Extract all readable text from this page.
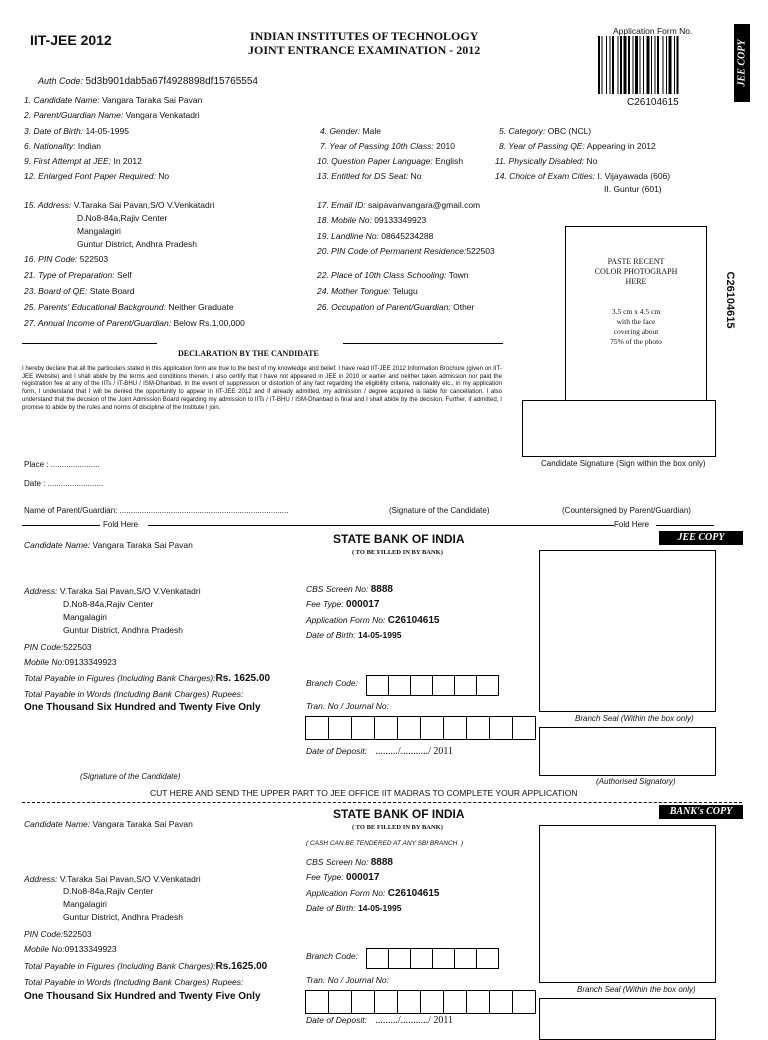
IIT-JEE 2012	INDIAN INSTITUTES OF TECHNOLOGY
JOINT ENTRANCE EXAMINATION - 2012
Application Form No.
C26104615
JEE COPY
Auth Code: 5d3b901dab5a67f4928898df15765554
1. Candidate Name: Vangara Taraka Sai Pavan
2. Parent/Guardian Name: Vangara Venkatadri
3. Date of Birth: 14-05-1995	4. Gender: Male	5. Category: OBC (NCL)
6. Nationality: Indian	7. Year of Passing 10th Class: 2010	8. Year of Passing QE: Appearing in 2012
9. First Attempt at JEE: In 2012	10. Question Paper Language: English	11. Physically Disabled: No
12. Enlarged Font Paper Required: No	13. Entitled for DS Seat: No	14. Choice of Exam Cities: I. Vijayawada (606)
II. Guntur (601)
15. Address: V.Taraka Sai Pavan,S/O V.Venkatadri
D.No8-84a,Rajiv Center
Mangalagiri
Guntur District, Andhra Pradesh
17. Email ID: saipavanvangara@gmail.com
18. Mobile No: 09133349923
19. Landline No: 08645234288
20. PIN Code of Permanent Residence:522503
16. PIN Code: 522503
21. Type of Preparation: Self	22. Place of 10th Class Schooling: Town
23. Board of QE: State Board	24. Mother Tongue: Telugu
25. Parents' Educational Background: Neither Graduate	26. Occupation of Parent/Guardian: Other
27. Annual Income of Parent/Guardian: Below Rs.1,00,000
PASTE RECENT
COLOR PHOTOGRAPH
HERE
3.5 cm x 4.5 cm
with the face
covering about
75% of the photo
C26104615
DECLARATION BY THE CANDIDATE
I hereby declare that all the particulars stated in this application form are true to the best of my knowledge and belief. I have read IIT-JEE 2012 Information Brochure (given on IIT-JEE Website) and I shall abide by the terms and conditions therein. I also certify that I have not appeared in JEE in 2010 or earlier and neither taken admission nor paid the registration fee at any of the IITs / IT-BHU / ISM-Dhanbad. In the event of suppression or distortion of any fact regarding the eligibility criteria, nationality etc., in my application form, I understand that I will be denied the opportunity to appear in IIT-JEE 2012 and if already admitted, my admission / degree acquired is liable for cancellation. I also understand that the decision of the Joint Admission Board regarding my admission to IITs / IT-BHU / ISM-Dhanbad is final and I shall abide by the decision. Further, if admitted, I promise to abide by the rules and norms of discipline of the Institute I join.
Candidate Signature (Sign within the box only)
Place : ......................
Date : .........................
Name of Parent/Guardian: ............................................................................	(Signature of the Candidate)	(Countersigned by Parent/Guardian)
Fold Here	Fold Here
Candidate Name: Vangara Taraka Sai Pavan	STATE BANK OF INDIA
( TO BE FILLED IN BY BANK)
JEE COPY
Address: V.Taraka Sai Pavan,S/O V.Venkatadri
D.No8-84a,Rajiv Center
Mangalagiri
Guntur District, Andhra Pradesh
PIN Code:522503
Mobile No:09133349923
Total Payable in Figures (Including Bank Charges):Rs. 1625.00
Total Payable in Words (Including Bank Charges) Rupees:
One Thousand Six Hundred and Twenty Five Only
CBS Screen No: 8888
Fee Type: 000017
Application Form No: C26104615
Date of Birth: 14-05-1995
Branch Code:
Tran. No / Journal No:
Date of Deposit: ........./.........../ 2011
Branch Seal (Within the box only)
(Signature of the Candidate)
(Authorised Signatory)
CUT HERE AND SEND THE UPPER PART TO JEE OFFICE IIT MADRAS TO COMPLETE YOUR APPLICATION
Candidate Name: Vangara Taraka Sai Pavan
STATE BANK OF INDIA
( TO BE FILLED IN BY BANK)
( CASH CAN BE TENDERED AT ANY SBI BRANCH. )
BANK's COPY
CBS Screen No: 8888
Address: V.Taraka Sai Pavan,S/O V.Venkatadri
D.No8-84a,Rajiv Center
Mangalagiri
Guntur District, Andhra Pradesh
Fee Type: 000017
Application Form No: C26104615
Date of Birth: 14-05-1995
PIN Code:522503
Mobile No:09133349923
Total Payable in Figures (Including Bank Charges):Rs.1625.00
Total Payable in Words (Including Bank Charges) Rupees:
One Thousand Six Hundred and Twenty Five Only
Branch Code:
Tran. No / Journal No:
Date of Deposit: ........./.........../ 2011
Branch Seal (Within the box only)
